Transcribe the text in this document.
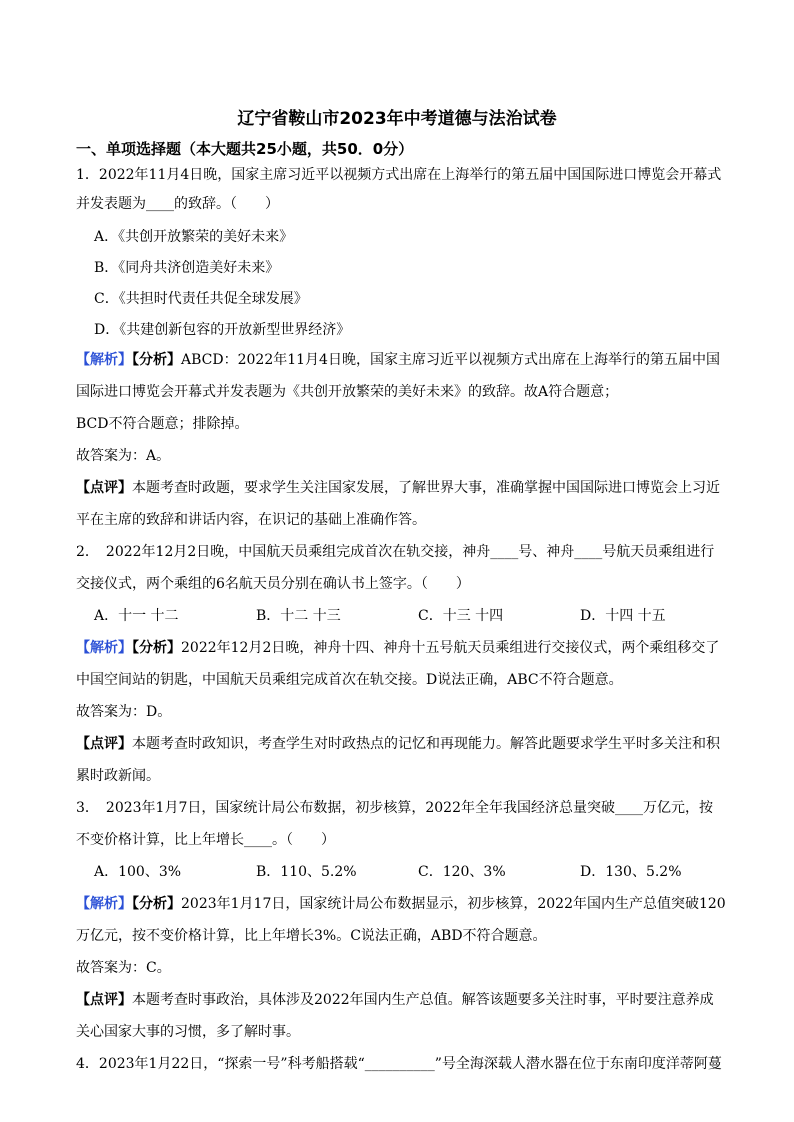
辽宁省鞍山市2023年中考道德与法治试卷
一、单项选择题（本大题共25小题，共50．0分）
1．2022年11月4日晚，国家主席习近平以视频方式出席在上海举行的第五届中国国际进口博览会开幕式
并发表题为____的致辞。（　　）
A．《共创开放繁荣的美好未来》
B．《同舟共济创造美好未来》
C．《共担时代责任共促全球发展》
D．《共建创新包容的开放新型世界经济》
【解析】【分析】ABCD：2022年11月4日晚，国家主席习近平以视频方式出席在上海举行的第五届中国
国际进口博览会开幕式并发表题为《共创开放繁荣的美好未来》的致辞。故A符合题意；
BCD不符合题意；排除掉。
故答案为：A。
【点评】本题考查时政题，要求学生关注国家发展，了解世界大事，准确掌握中国国际进口博览会上习近
平在主席的致辞和讲话内容，在识记的基础上准确作答。
2．　2022年12月2日晚，中国航天员乘组完成首次在轨交接，神舟____号、神舟____号航天员乘组进行
交接仪式，两个乘组的6名航天员分别在确认书上签字。（　　）
A．十一 十二	B．十二 十三	C．十三 十四	D．十四 十五
【解析】【分析】2022年12月2日晚，神舟十四、神舟十五号航天员乘组进行交接仪式，两个乘组移交了
中国空间站的钥匙，中国航天员乘组完成首次在轨交接。D说法正确，ABC不符合题意。
故答案为：D。
【点评】本题考查时政知识，考查学生对时政热点的记忆和再现能力。解答此题要求学生平时多关注和积
累时政新闻。
3．　2023年1月7日，国家统计局公布数据，初步核算，2022年全年我国经济总量突破____万亿元，按
不变价格计算，比上年增长____。（　　）
A．100、3%	B．110、5.2%	C．120、3%	D．130、5.2%
【解析】【分析】2023年1月17日，国家统计局公布数据显示，初步核算，2022年国内生产总值突破120
万亿元，按不变价格计算，比上年增长3%。C说法正确，ABD不符合题意。
故答案为：C。
【点评】本题考查时事政治，具体涉及2022年国内生产总值。解答该题要多关注时事，平时要注意养成
关心国家大事的习惯，多了解时事。
4．2023年1月22日，“探索一号”科考船搭载“__________”号全海深载人潜水器在位于东南印度洋蒂阿蔓
